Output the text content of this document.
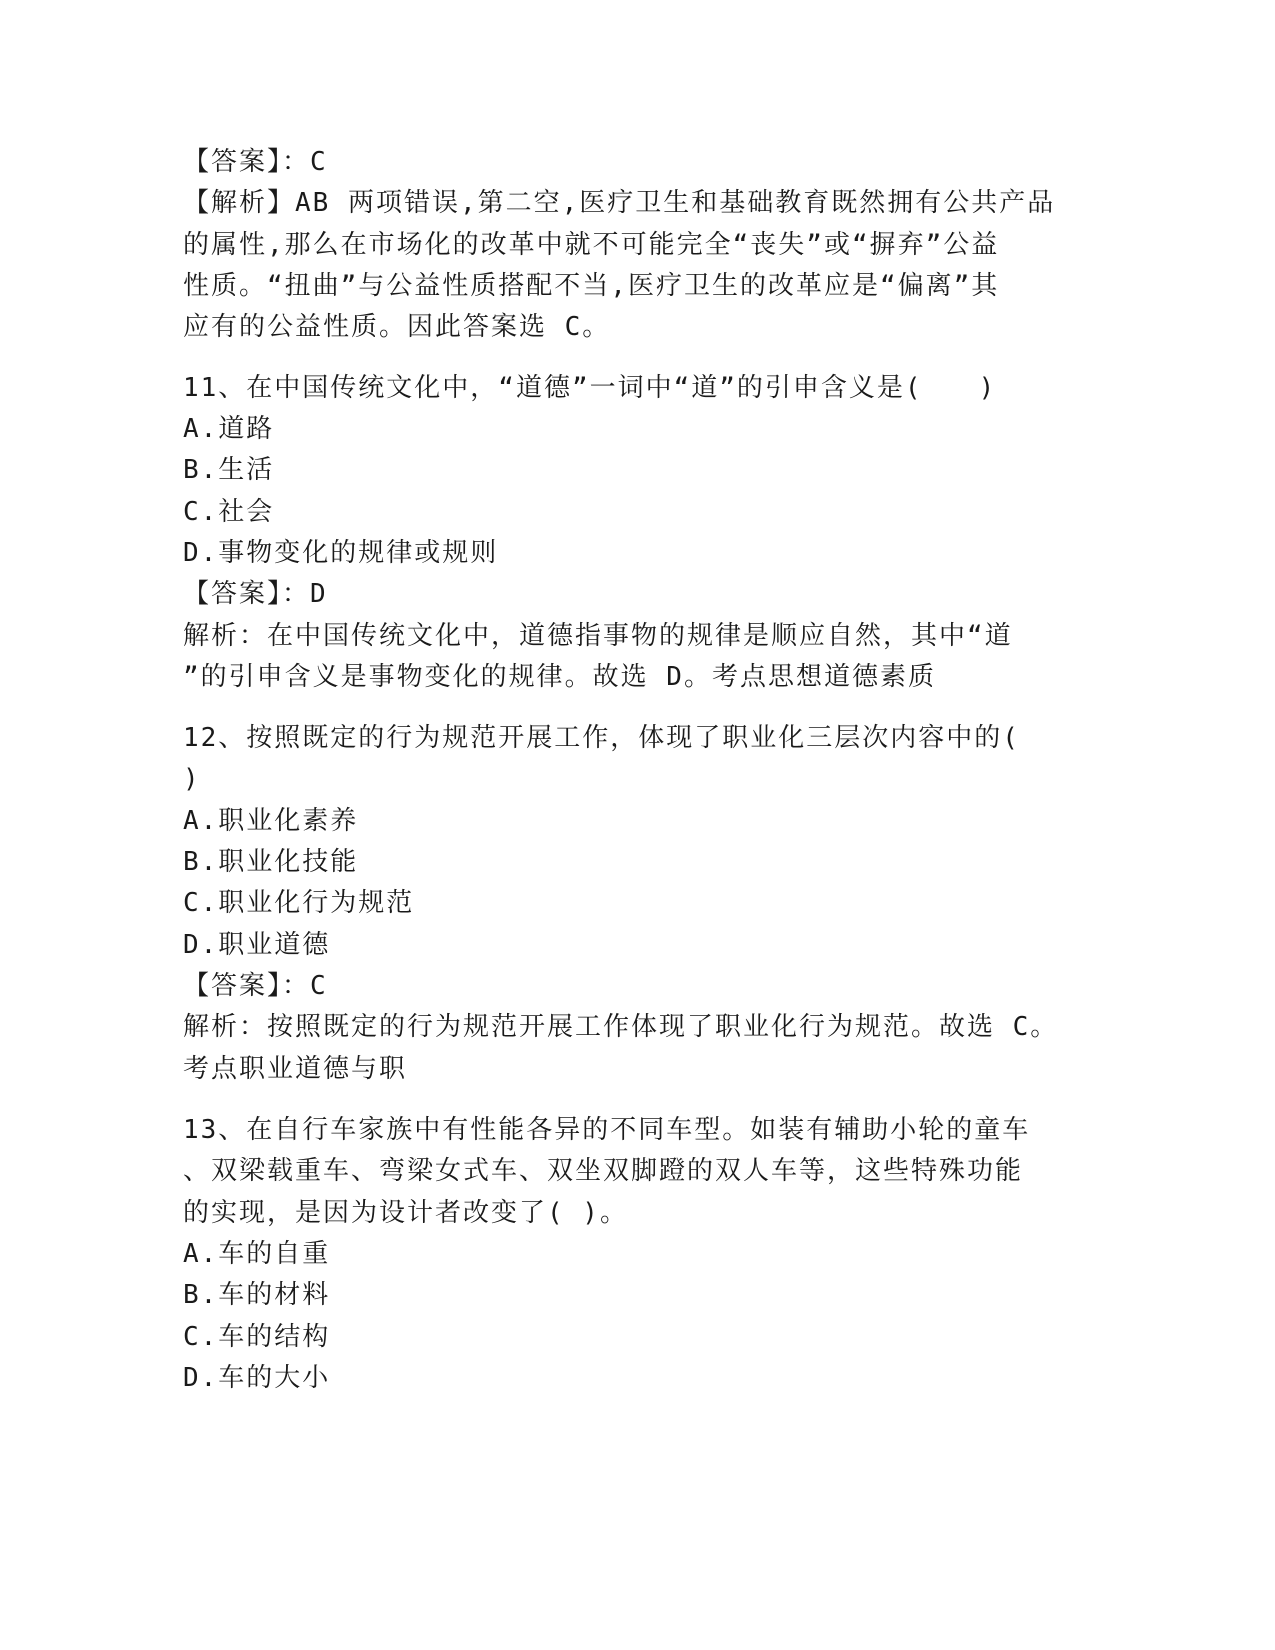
【答案】：C
【解析】AB 两项错误,第二空,医疗卫生和基础教育既然拥有公共产品
的属性,那么在市场化的改革中就不可能完全“丧失”或“摒弃”公益
性质。“扭曲”与公益性质搭配不当,医疗卫生的改革应是“偏离”其
应有的公益性质。因此答案选 C。
11、在中国传统文化中，“道德”一词中“道”的引申含义是(　　)
A.道路
B.生活
C.社会
D.事物变化的规律或规则
【答案】：D
解析：在中国传统文化中，道德指事物的规律是顺应自然，其中“道
”的引申含义是事物变化的规律。故选 D。考点思想道德素质
12、按照既定的行为规范开展工作，体现了职业化三层次内容中的(
)
A.职业化素养
B.职业化技能
C.职业化行为规范
D.职业道德
【答案】：C
解析：按照既定的行为规范开展工作体现了职业化行为规范。故选 C。
考点职业道德与职
13、在自行车家族中有性能各异的不同车型。如装有辅助小轮的童车
、双梁载重车、弯梁女式车、双坐双脚蹬的双人车等，这些特殊功能
的实现，是因为设计者改变了( )。
A.车的自重
B.车的材料
C.车的结构
D.车的大小
